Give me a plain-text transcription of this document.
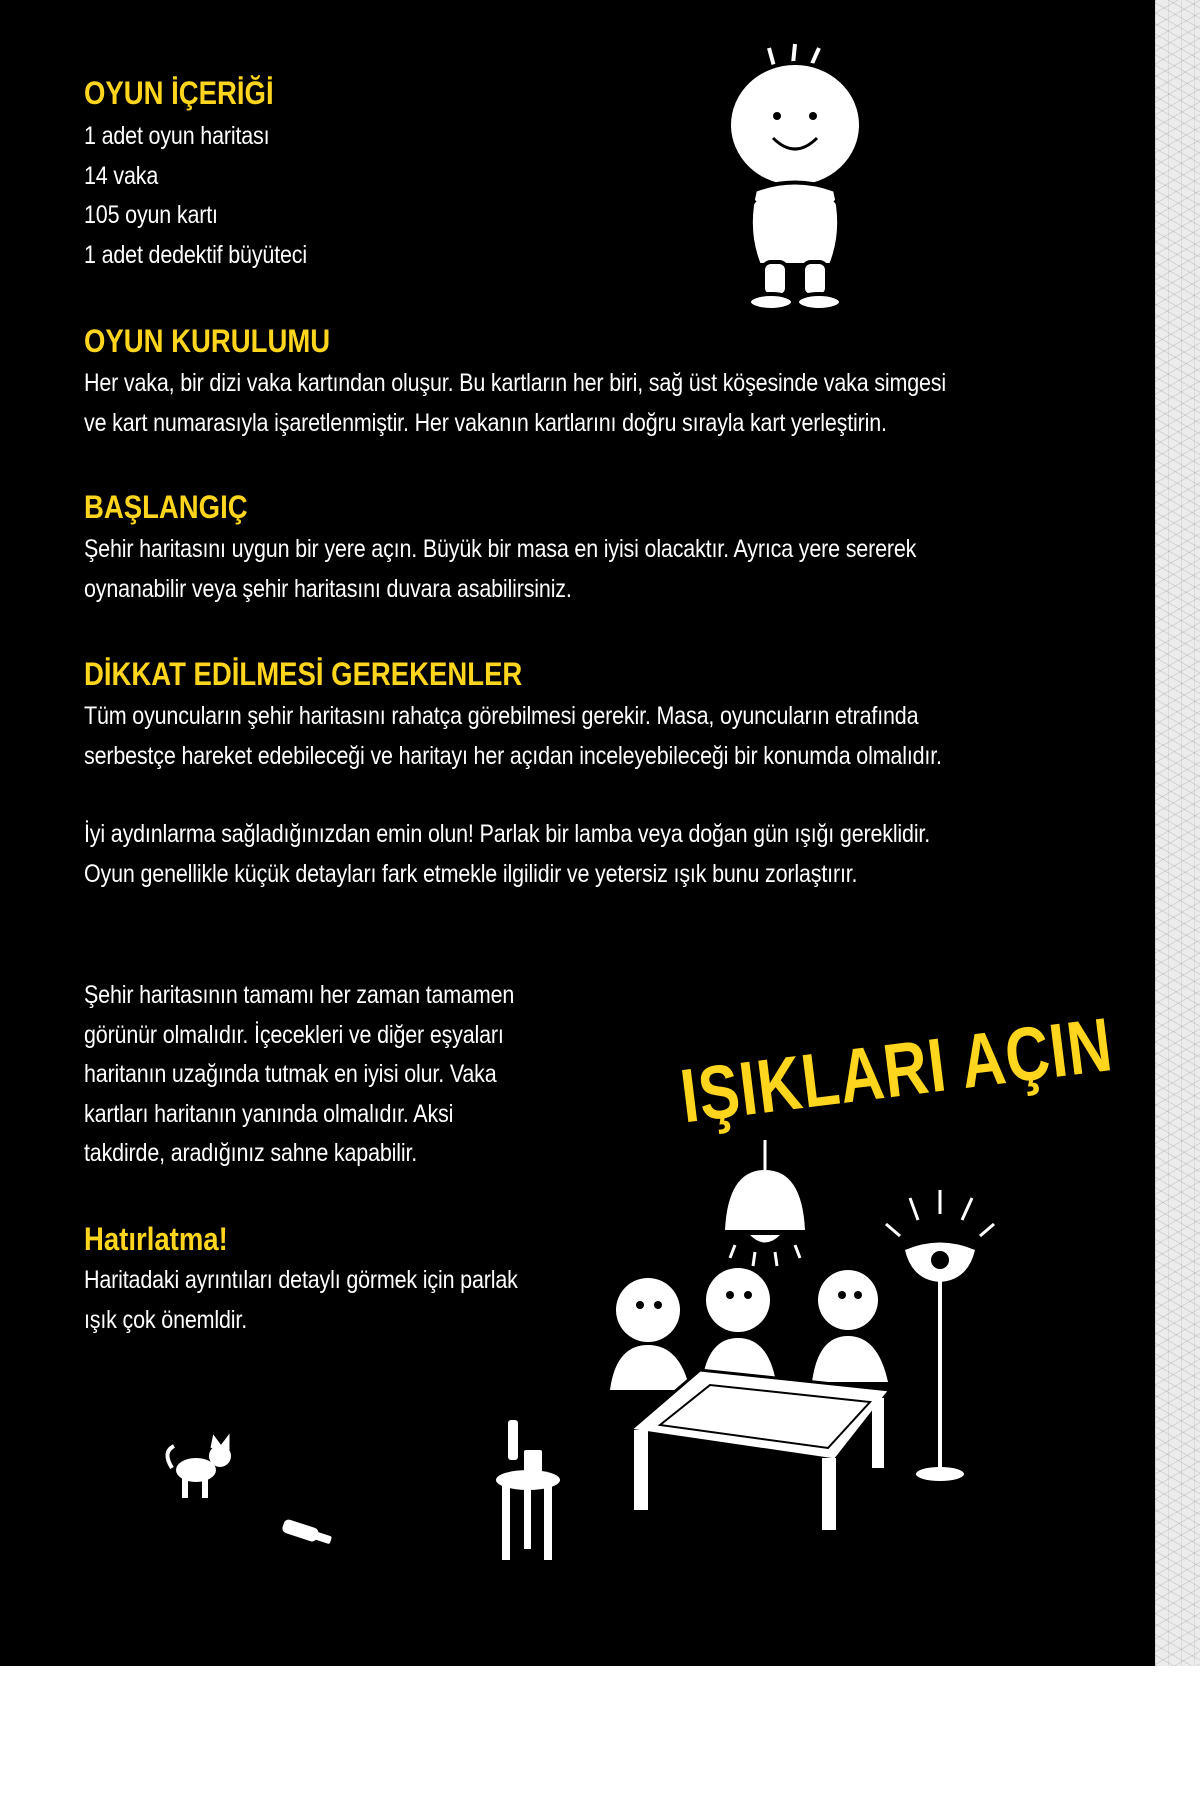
OYUN İÇERİĞİ
1 adet oyun haritası
14 vaka
105 oyun kartı
1 adet dedektif büyüteci
OYUN KURULUMU
Her vaka, bir dizi vaka kartından oluşur. Bu kartların her biri, sağ üst köşesinde vaka simgesi
ve kart numarasıyla işaretlenmiştir. Her vakanın kartlarını doğru sırayla kart yerleştirin.
BAŞLANGIÇ
Şehir haritasını uygun bir yere açın. Büyük bir masa en iyisi olacaktır. Ayrıca yere sererek
oynanabilir veya şehir haritasını duvara asabilirsiniz.
DİKKAT EDİLMESİ GEREKENLER
Tüm oyuncuların şehir haritasını rahatça görebilmesi gerekir. Masa, oyuncuların etrafında
serbestçe hareket edebileceği ve haritayı her açıdan inceleyebileceği bir konumda olmalıdır.
İyi aydınlarma sağladığınızdan emin olun! Parlak bir lamba veya doğan gün ışığı gereklidir.
Oyun genellikle küçük detayları fark etmekle ilgilidir ve yetersiz ışık bunu zorlaştırır.
Şehir haritasının tamamı her zaman tamamen
görünür olmalıdır. İçecekleri ve diğer eşyaları
haritanın uzağında tutmak en iyisi olur. Vaka
kartları haritanın yanında olmalıdır. Aksi
takdirde, aradığınız sahne kapabilir.
Hatırlatma!
Haritadaki ayrıntıları detaylı görmek için parlak
ışık çok önemldir.
IŞIKLARI AÇIN
